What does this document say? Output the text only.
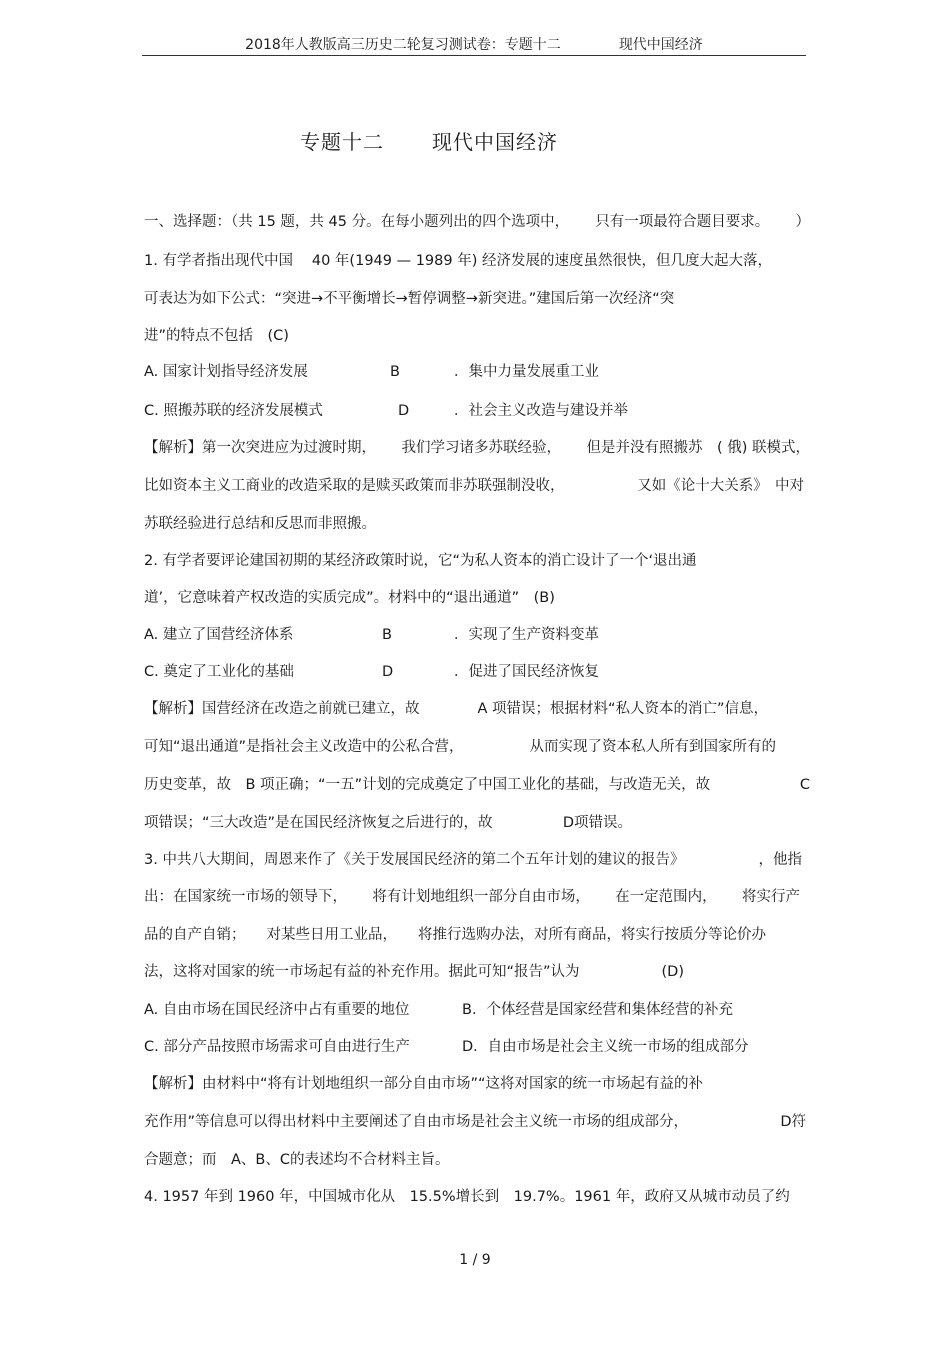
2018年人教版高三历史二轮复习测试卷：专题十二	现代中国经济
专题十二 现代中国经济
一、选择题：（共 15 题，共 45 分。在每小题列出的四个选项中， 只有一项最符合题目要求。 ）
1. 有学者指出现代中国 40 年(1949 — 1989 年) 经济发展的速度虽然很快，但几度大起大落，
可表达为如下公式：“突进→不平衡增长→暂停调整→新突进。”建国后第一次经济“突
进”的特点不包括　(C)
A. 国家计划指导经济发展	B	．集中力量发展重工业
C. 照搬苏联的经济发展模式	D	．社会主义改造与建设并举
【解析】第一次突进应为过渡时期， 我们学习诸多苏联经验， 但是并没有照搬苏　( 俄) 联模式，
比如资本主义工商业的改造采取的是赎买政策而非苏联强制没收，	又如《论十大关系》　中对
苏联经验进行总结和反思而非照搬。
2. 有学者要评论建国初期的某经济政策时说，它“为私人资本的消亡设计了一个‘退出通
道’，它意味着产权改造的实质完成”。材料中的“退出通道”　(B)
A. 建立了国营经济体系	B	．实现了生产资料变革
C. 奠定了工业化的基础	D	．促进了国民经济恢复
【解析】国营经济在改造之前就已建立，故	A 项错误；根据材料“私人资本的消亡”信息，
可知“退出通道”是指社会主义改造中的公私合营，	从而实现了资本私人所有到国家所有的
历史变革，故　B 项正确；“一五”计划的完成奠定了中国工业化的基础，与改造无关，故	C
项错误；“三大改造”是在国民经济恢复之后进行的，故	D项错误。
3. 中共八大期间，周恩来作了《关于发展国民经济的第二个五年计划的建议的报告》	，他指
出：在国家统一市场的领导下， 将有计划地组织一部分自由市场， 在一定范围内， 将实行产
品的自产自销； 对某些日用工业品， 将推行选购办法，对所有商品，将实行按质分等论价办
法，这将对国家的统一市场起有益的补充作用。据此可知“报告”认为	(D)
A. 自由市场在国民经济中占有重要的地位	B．个体经营是国家经营和集体经营的补充
C. 部分产品按照市场需求可自由进行生产	D．自由市场是社会主义统一市场的组成部分
【解析】由材料中“将有计划地组织一部分自由市场”“这将对国家的统一市场起有益的补
充作用”等信息可以得出材料中主要阐述了自由市场是社会主义统一市场的组成部分，	D符
合题意；而　A、B、C的表述均不合材料主旨。
4. 1957 年到 1960 年，中国城市化从　15.5%增长到　19.7%。1961 年，政府又从城市动员了约
1 / 9
